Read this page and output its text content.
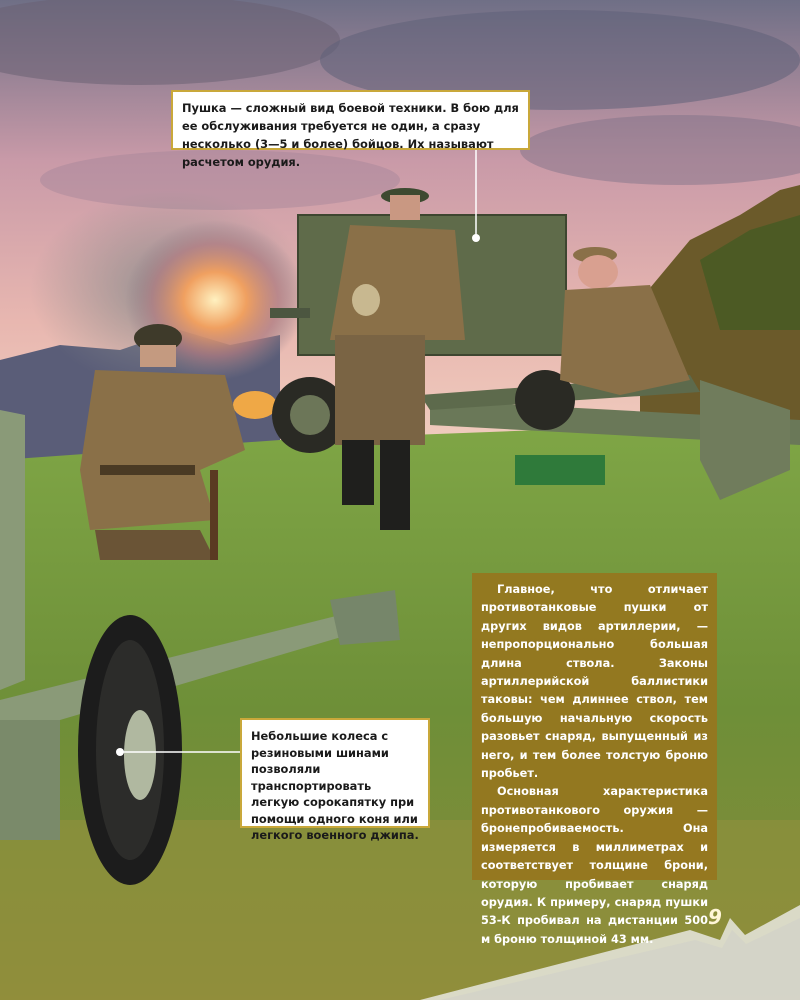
Пушка — сложный вид боевой техники. В бою для ее обслуживания требуется не один, а сразу несколько (3—5 и более) бойцов. Их называют расчетом орудия.

Небольшие колеса с резиновыми шинами позволяли транспортировать легкую сорокапятку при помощи одного коня или легкого военного джипа.

Главное, что отличает противотанковые пушки от других видов артиллерии, — непропорционально большая длина ствола. Законы артиллерийской баллистики таковы: чем длиннее ствол, тем большую начальную скорость разовьет снаряд, выпущенный из него, и тем более толстую броню пробьет.

Основная характеристика противотанкового оружия — бронепробиваемость. Она измеряется в миллиметрах и соответствует толщине брони, которую пробивает снаряд орудия. К примеру, снаряд пушки 53-К пробивал на дистанции 500 м броню толщиной 43 мм.

9
